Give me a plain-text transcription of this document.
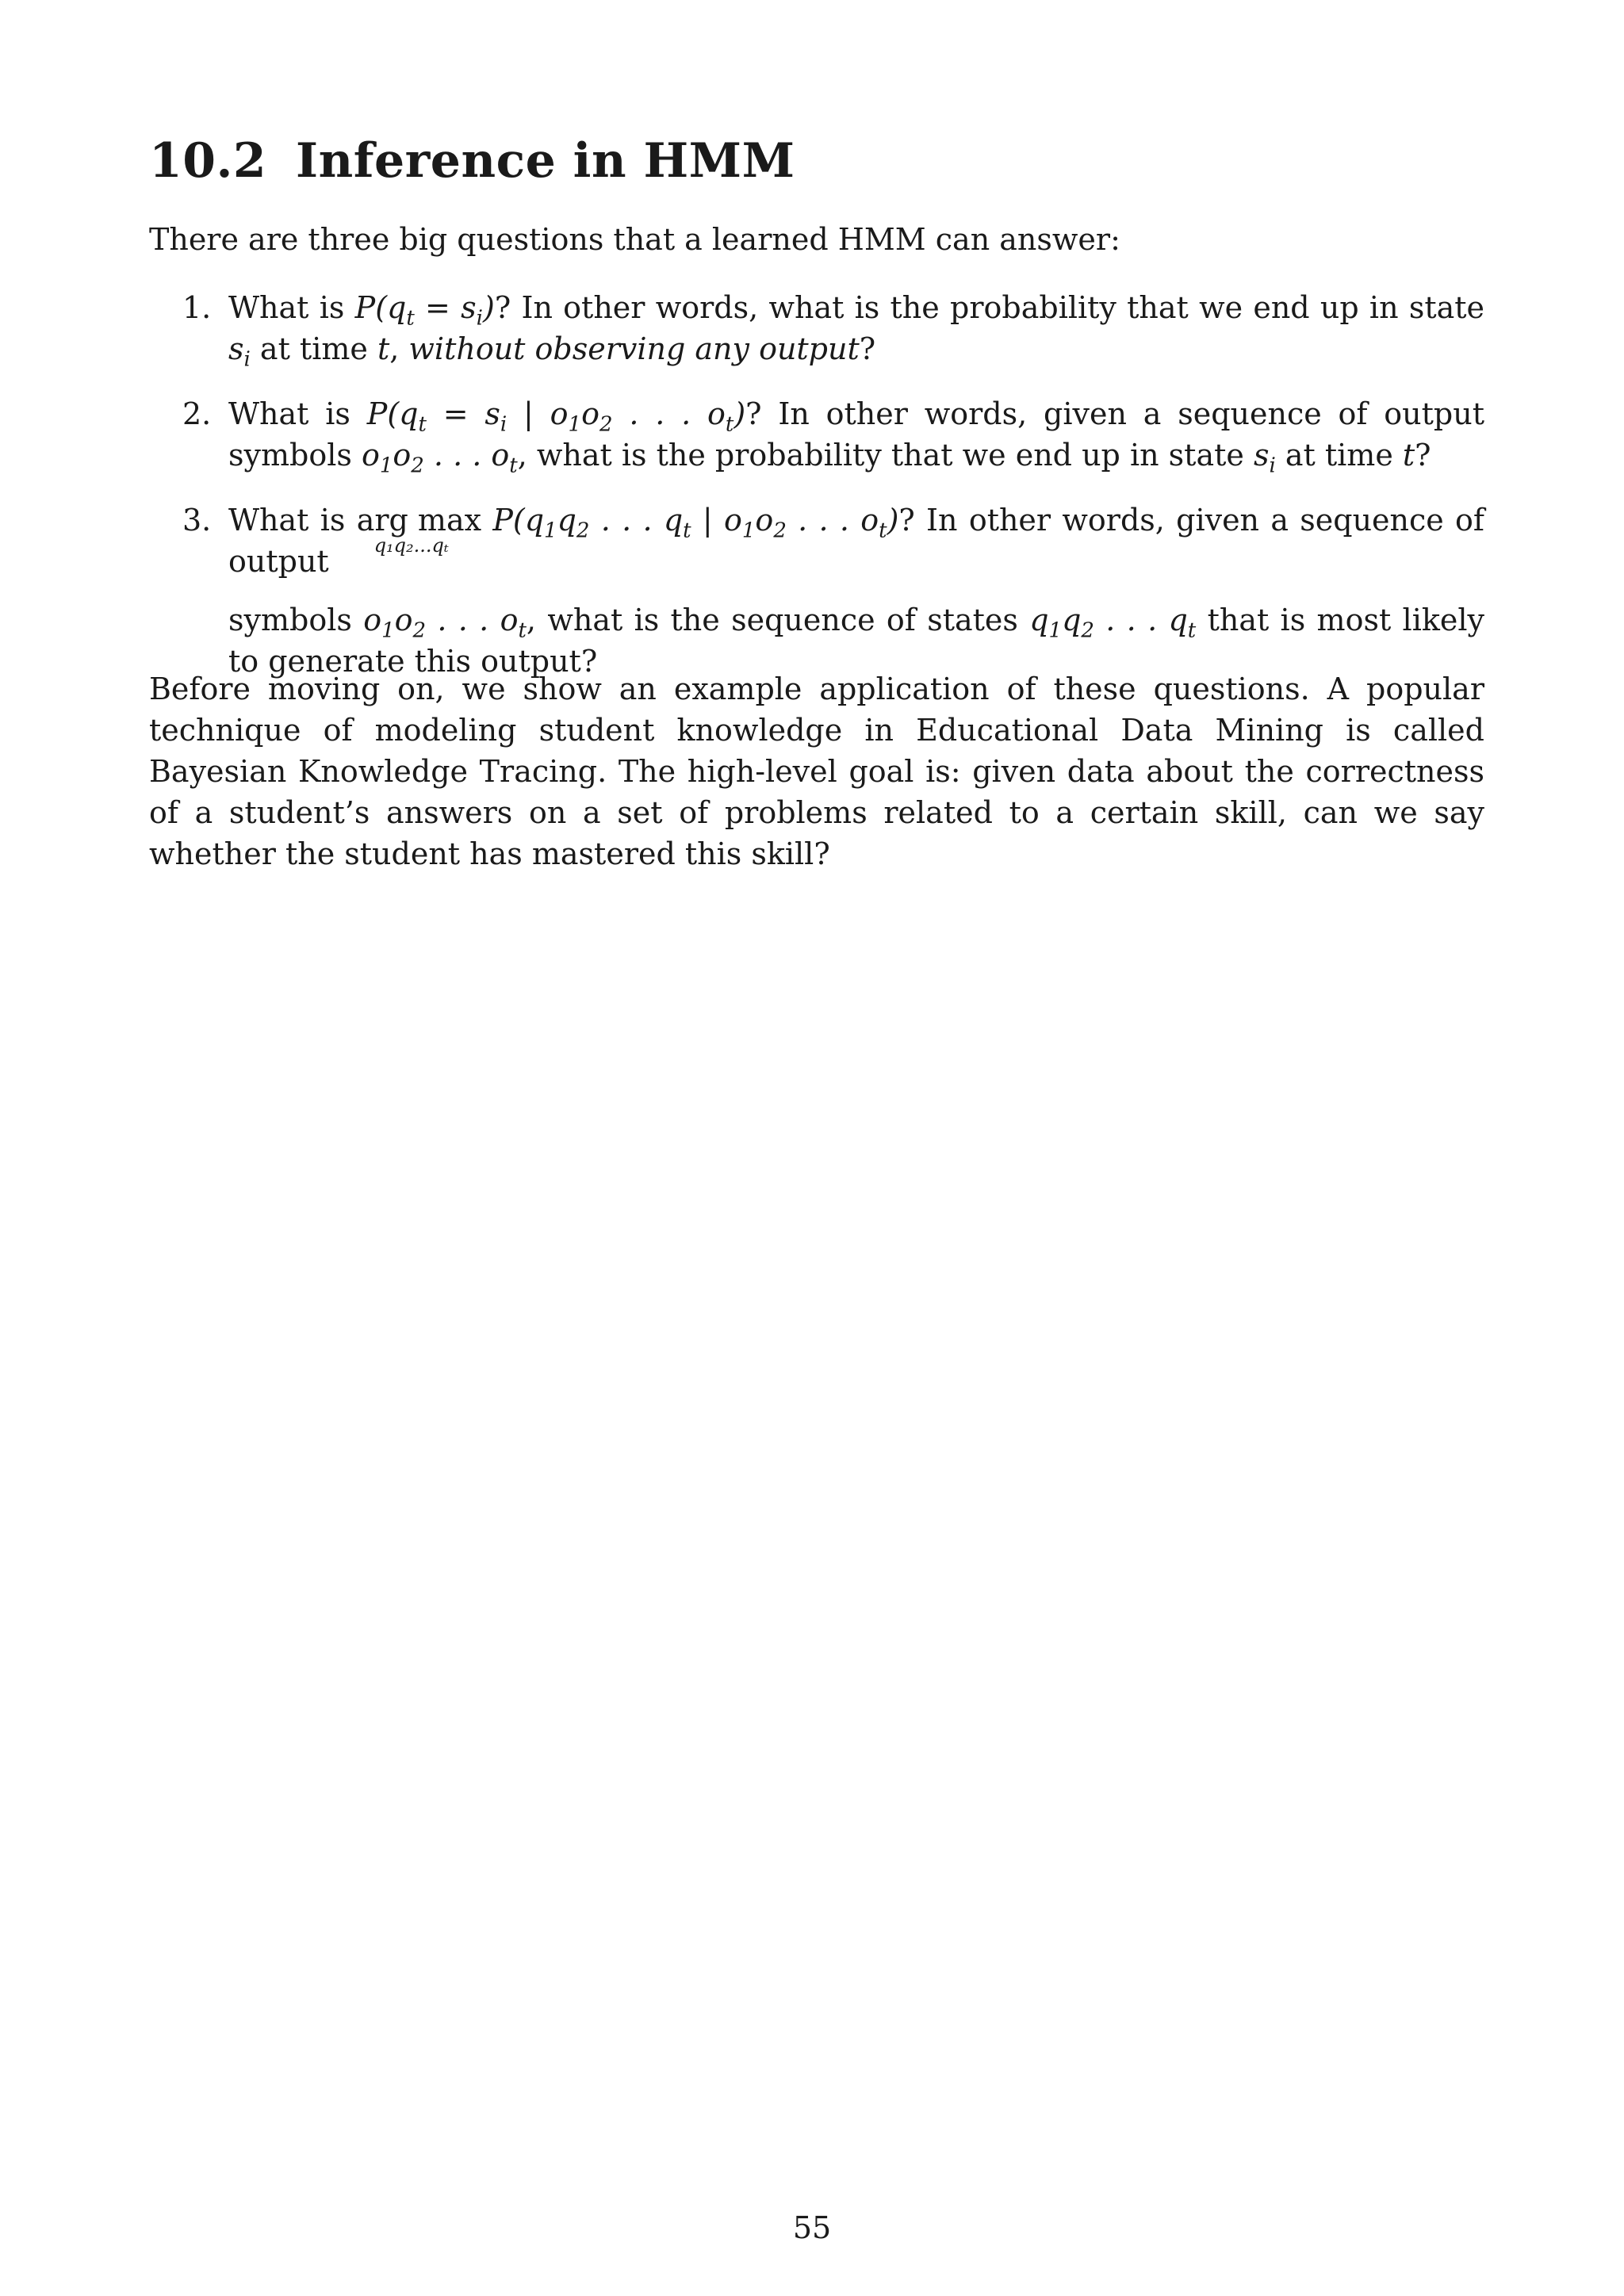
10.2 Inference in HMM
There are three big questions that a learned HMM can answer:
1. What is $P(q_t = s_i)$? In other words, what is the probability that we end up in state $s_i$ at time t, without observing any output?
2. What is $P(q_t = s_i$ | $o_1o_2$ . . . $o_t$)? In other words, given a sequence of output symbols $o_1o_2$ . . . $o_t$, what is the probability that we end up in state $s_i$ at time t?
3. What is arg max
q₁q₂...qₜ
$P(q_1q_2$ . . . $q_t$ | $o_1o_2$ . . . $o_t$)? In other words, given a sequence of output
symbols $o_1o_2$ . . . $o_t$, what is the sequence of states $q_1q_2$ . . . $q_t$ that is most likely to generate this output?
Before moving on, we show an example application of these questions. A popular technique of modeling student knowledge in Educational Data Mining is called Bayesian Knowledge Tracing. The high-level goal is: given data about the correctness of a student’s answers on a set of problems related to a certain skill, can we say whether the student has mastered this skill?
55
